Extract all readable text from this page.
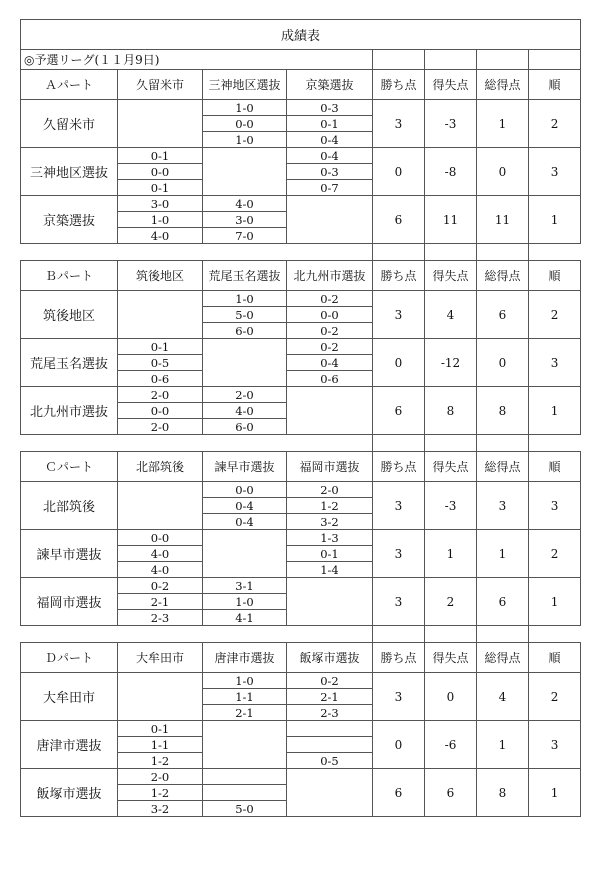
成績表							
◎予選リーグ(１１月9日)							
Ａパート	久留米市	三神地区選抜	京築選抜	勝ち点	得失点	総得点	順
久留米市		1-0	0-3	3	-3	1	2
		0-0	0-1				
		1-0	0-4				
三神地区選抜	0-1		0-4	0	-8	0	3
	0-0		0-3				
	0-1		0-7				
京築選抜	3-0	4-0		6	11	11	1
	1-0	3-0					
	4-0	7-0					

Ｂパート	筑後地区	荒尾玉名選抜	北九州市選抜	勝ち点	得失点	総得点	順
筑後地区		1-0	0-2	3	4	6	2
		5-0	0-0				
		6-0	0-2				
荒尾玉名選抜	0-1		0-2	0	-12	0	3
	0-5		0-4				
	0-6		0-6				
北九州市選抜	2-0	2-0		6	8	8	1
	0-0	4-0					
	2-0	6-0					

Ｃパート	北部筑後	諫早市選抜	福岡市選抜	勝ち点	得失点	総得点	順
北部筑後		0-0	2-0	3	-3	3	3
		0-4	1-2				
		0-4	3-2				
諫早市選抜	0-0		1-3	3	1	1	2
	4-0		0-1				
	4-0		1-4				
福岡市選抜	0-2	3-1		3	2	6	1
	2-1	1-0					
	2-3	4-1					

Ｄパート	大牟田市	唐津市選抜	飯塚市選抜	勝ち点	得失点	総得点	順
大牟田市		1-0	0-2	3	0	4	2
		1-1	2-1				
		2-1	2-3				
唐津市選抜	0-1			0	-6	1	3
	1-1						
	1-2		0-5				
飯塚市選抜	2-0			6	6	8	1
	1-2						
	3-2	5-0					
